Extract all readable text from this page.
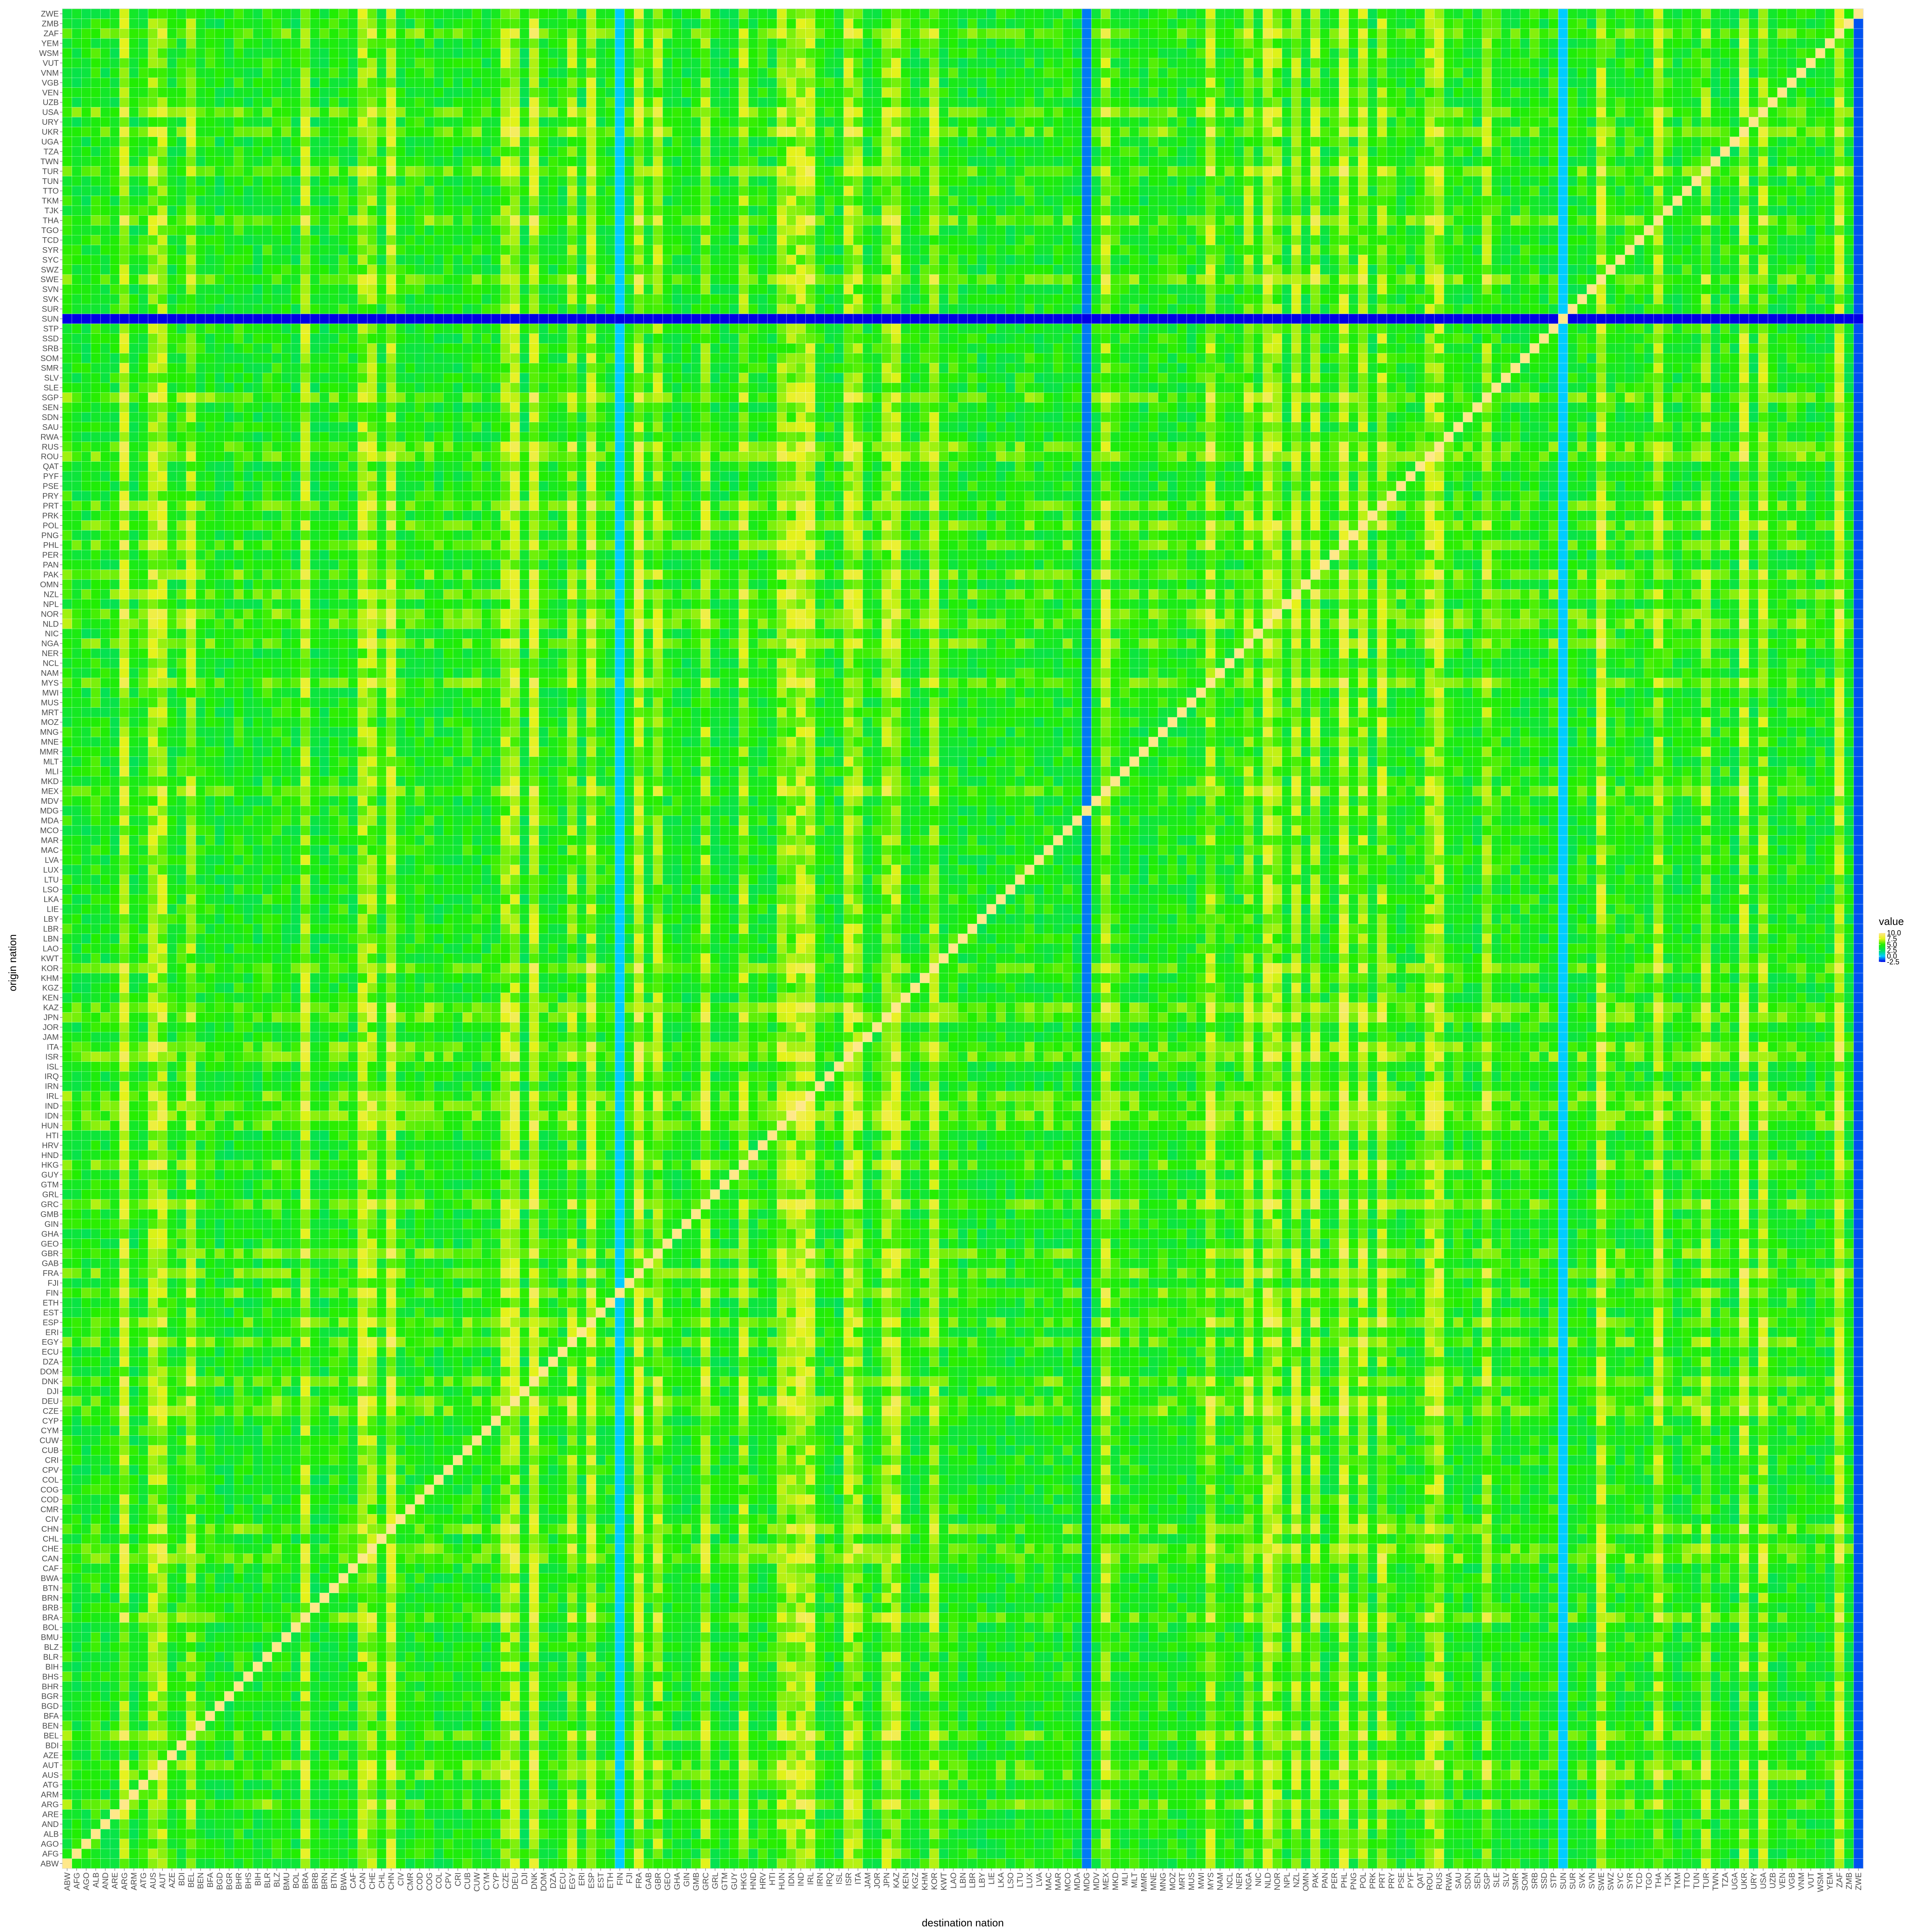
ABW
AFG
AGO
ALB
AND
ARE
ARG
ARM
ATG
AUS
AUT
AZE
BDI
BEL
BEN
BFA
BGD
BGR
BHR
BHS
BIH
BLR
BLZ
BMU
BOL
BRA
BRB
BRN
BTN
BWA
CAF
CAN
CHE
CHL
CHN
CIV
CMR
COD
COG
COL
CPV
CRI
CUB
CUW
CYM
CYP
CZE
DEU
DJI
DNK
DOM
DZA
ECU
EGY
ERI
ESP
EST
ETH
FIN
FJI
FRA
GAB
GBR
GEO
GHA
GIN
GMB
GRC
GRL
GTM
GUY
HKG
HND
HRV
HTI
HUN
IDN
IND
IRL
IRN
IRQ
ISL
ISR
ITA
JAM
JOR
JPN
KAZ
KEN
KGZ
KHM
KOR
KWT
LAO
LBN
LBR
LBY
LIE
LKA
LSO
LTU
LUX
LVA
MAC
MAR
MCO
MDA
MDG
MDV
MEX
MKD
MLI
MLT
MMR
MNE
MNG
MOZ
MRT
MUS
MWI
MYS
NAM
NCL
NER
NGA
NIC
NLD
NOR
NPL
NZL
OMN
PAK
PAN
PER
PHL
PNG
POL
PRK
PRT
PRY
PSE
PYF
QAT
ROU
RUS
RWA
SAU
SDN
SEN
SGP
SLE
SLV
SMR
SOM
SRB
SSD
STP
SUN
SUR
SVK
SVN
SWE
SWZ
SYC
SYR
TCD
TGO
THA
TJK
TKM
TTO
TUN
TUR
TWN
TZA
UGA
UKR
URY
USA
UZB
VEN
VGB
VNM
VUT
WSM
YEM
ZAF
ZMB
ZWE
ABW AFG AGO ALB AND ARE ARG ARM ATG AUS AUT AZE BDI BEL BEN BFA BGD BGR BHR BHS BIH BLR BLZ BMU BOL BRA BRB BRN BTN BWA CAF CAN CHE CHL CHN CIV CMR COD COG COL CPV CRI CUB CUW CYM CYP CZE DEU DJI DNK DOM DZA ECU EGY ERI ESP EST ETH FIN FJI FRA GAB GBR GEO GHA GIN GMB GRC GRL GTM GUY HKG HND HRV HTI HUN IDN IND IRL IRN IRQ ISL ISR ITA JAM JOR JPN KAZ KEN KGZ KHM KOR KWT LAO LBN LBR LBY LIE LKA LSO LTU LUX LVA MAC MAR MCO MDA MDG MDV MEX MKD MLI MLT MMR MNE MNG MOZ MRT MUS MWI MYS NAM NCL NER NGA NIC NLD NOR NPL NZL OMN PAK PAN PER PHL PNG POL PRK PRT PRY PSE PYF QAT ROU RUS RWA SAU SDN SEN SGP SLE SLV SMR SOM SRB SSD STP SUN SUR SVK SVN SWE SWZ SYC SYR TCD TGO THA TJK TKM TTO TUN TUR TWN TZA UGA UKR URY USA UZB VEN VGB VNM VUT WSM YEM ZAF ZMB ZWE
destination nation
origin nation
value
10.0
7.5
5.0
2.5
0.0
-2.5
